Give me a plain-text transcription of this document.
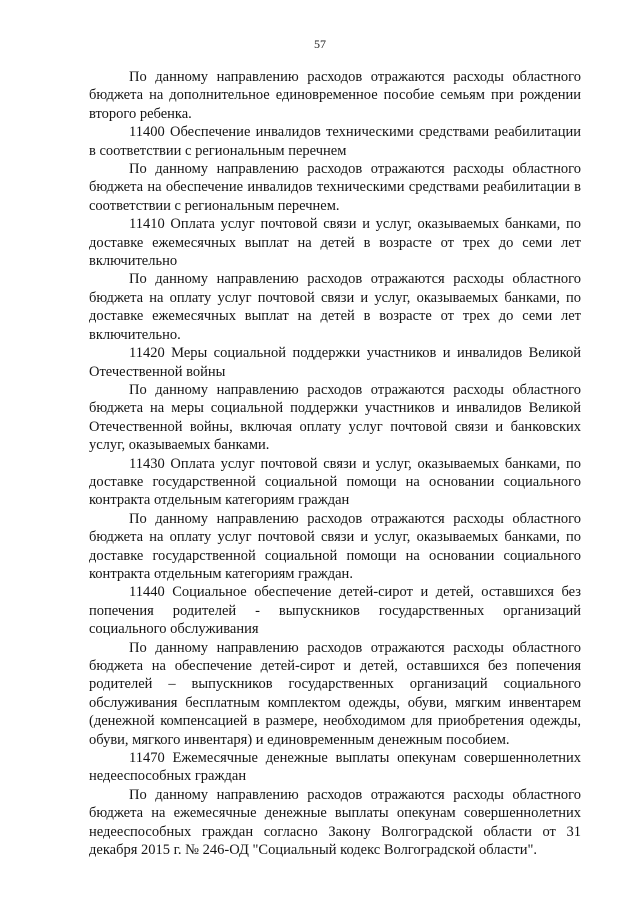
57

По данному направлению расходов отражаются расходы областного бюджета на дополнительное единовременное пособие семьям при рождении второго ребенка.

11400 Обеспечение инвалидов техническими средствами реабилитации в соответствии с региональным перечнем

По данному направлению расходов отражаются расходы областного бюджета на обеспечение инвалидов техническими средствами реабилитации в соответствии с региональным перечнем.

11410 Оплата услуг почтовой связи и услуг, оказываемых банками, по доставке ежемесячных выплат на детей в возрасте от трех до семи лет включительно

По данному направлению расходов отражаются расходы областного бюджета на оплату услуг почтовой связи и услуг, оказываемых банками, по доставке ежемесячных выплат на детей в возрасте от трех до семи лет включительно.

11420 Меры социальной поддержки участников и инвалидов Великой Отечественной войны

По данному направлению расходов отражаются расходы областного бюджета на меры социальной поддержки участников и инвалидов Великой Отечественной войны, включая оплату услуг почтовой связи и банковских услуг, оказываемых банками.

11430 Оплата услуг почтовой связи и услуг, оказываемых банками, по доставке государственной социальной помощи на основании социального контракта отдельным категориям граждан

По данному направлению расходов отражаются расходы областного бюджета на оплату услуг почтовой связи и услуг, оказываемых банками, по доставке государственной социальной помощи на основании социального контракта отдельным категориям граждан.

11440 Социальное обеспечение детей-сирот и детей, оставшихся без попечения родителей - выпускников государственных организаций социального обслуживания

По данному направлению расходов отражаются расходы областного бюджета на обеспечение детей-сирот и детей, оставшихся без попечения родителей – выпускников государственных организаций социального обслуживания бесплатным комплектом одежды, обуви, мягким инвентарем (денежной компенсацией в размере, необходимом для приобретения одежды, обуви, мягкого инвентаря) и единовременным денежным пособием.

11470 Ежемесячные денежные выплаты опекунам совершеннолетних недееспособных граждан

По данному направлению расходов отражаются расходы областного бюджета на ежемесячные денежные выплаты опекунам совершеннолетних недееспособных граждан согласно Закону Волгоградской области от 31 декабря 2015 г. № 246-ОД "Социальный кодекс Волгоградской области".
